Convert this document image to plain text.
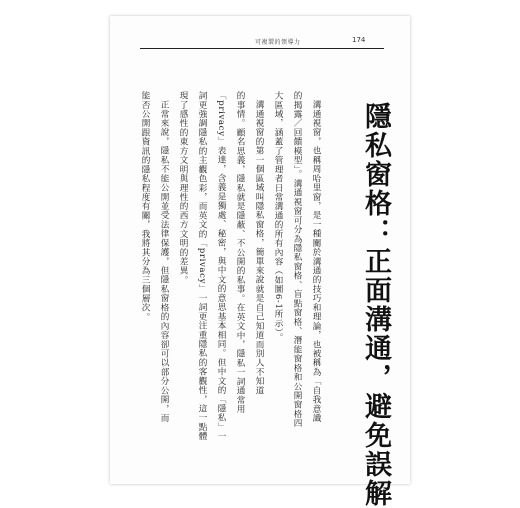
可複製的領導力	174
隱私窗格：正面溝通，避免誤解
溝通視窗，也稱周哈里窗，是一種關於溝通的技巧和理論，也被稱為「自我意識
的揭露／回饋模型」。溝通視窗可分為隱私窗格、盲點窗格、潛能窗格和公開窗格四
大區域，涵蓋了管理者日常溝通的所有內容（如圖6-1所示）。
溝通視窗的第一個區域叫隱私窗格，簡單來說就是自己知道而別人不知道
的事情。顧名思義，隱私就是隱蔽、不公開的私事。在英文中，隱私一詞通常用
「privacy」表達，含義是獨處、秘密，與中文的意思基本相同。但中文的「隱私」一
詞更強調隱私的主觀色彩，而英文的「privacy」一詞更注重隱私的客觀性，這一點體
現了感性的東方文明與理性的西方文明的差異。
正常來說，隱私不能公開並受法律保護，但隱私窗格的內容卻可以部分公開，而
能否公開跟資訊的隱私程度有關，我將其分為三個層次。
